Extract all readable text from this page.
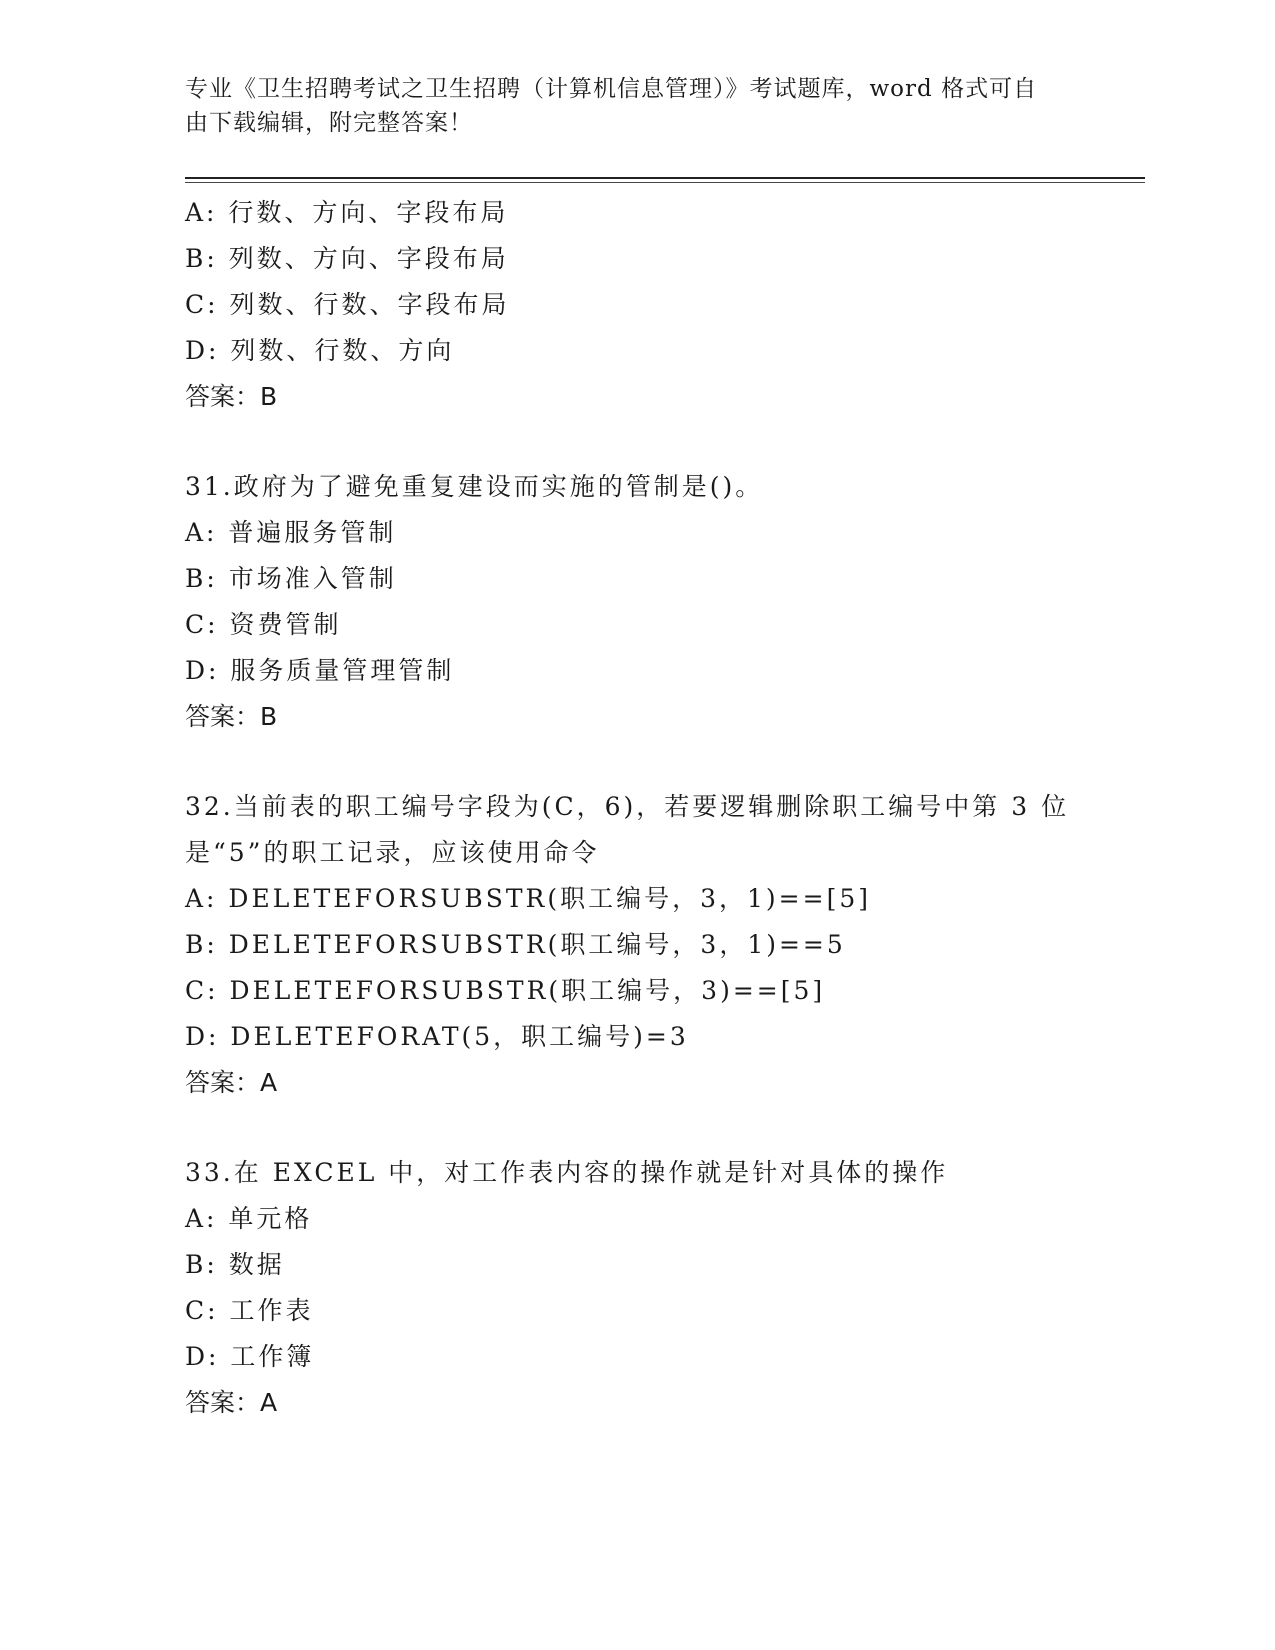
专业《卫生招聘考试之卫生招聘（计算机信息管理）》考试题库，word 格式可自
由下载编辑，附完整答案！
A: 行数、方向、字段布局
B: 列数、方向、字段布局
C: 列数、行数、字段布局
D: 列数、行数、方向
答案：B
31.政府为了避免重复建设而实施的管制是()。
A: 普遍服务管制
B: 市场准入管制
C: 资费管制
D: 服务质量管理管制
答案：B
32.当前表的职工编号字段为(C，6)，若要逻辑删除职工编号中第 3 位
是“5”的职工记录，应该使用命令
A: DELETEFORSUBSTR(职工编号，3，1)==[5]
B: DELETEFORSUBSTR(职工编号，3，1)==5
C: DELETEFORSUBSTR(职工编号，3)==[5]
D: DELETEFORAT(5，职工编号)=3
答案：A
33.在 EXCEL 中，对工作表内容的操作就是针对具体的操作
A: 单元格
B: 数据
C: 工作表
D: 工作簿
答案：A
